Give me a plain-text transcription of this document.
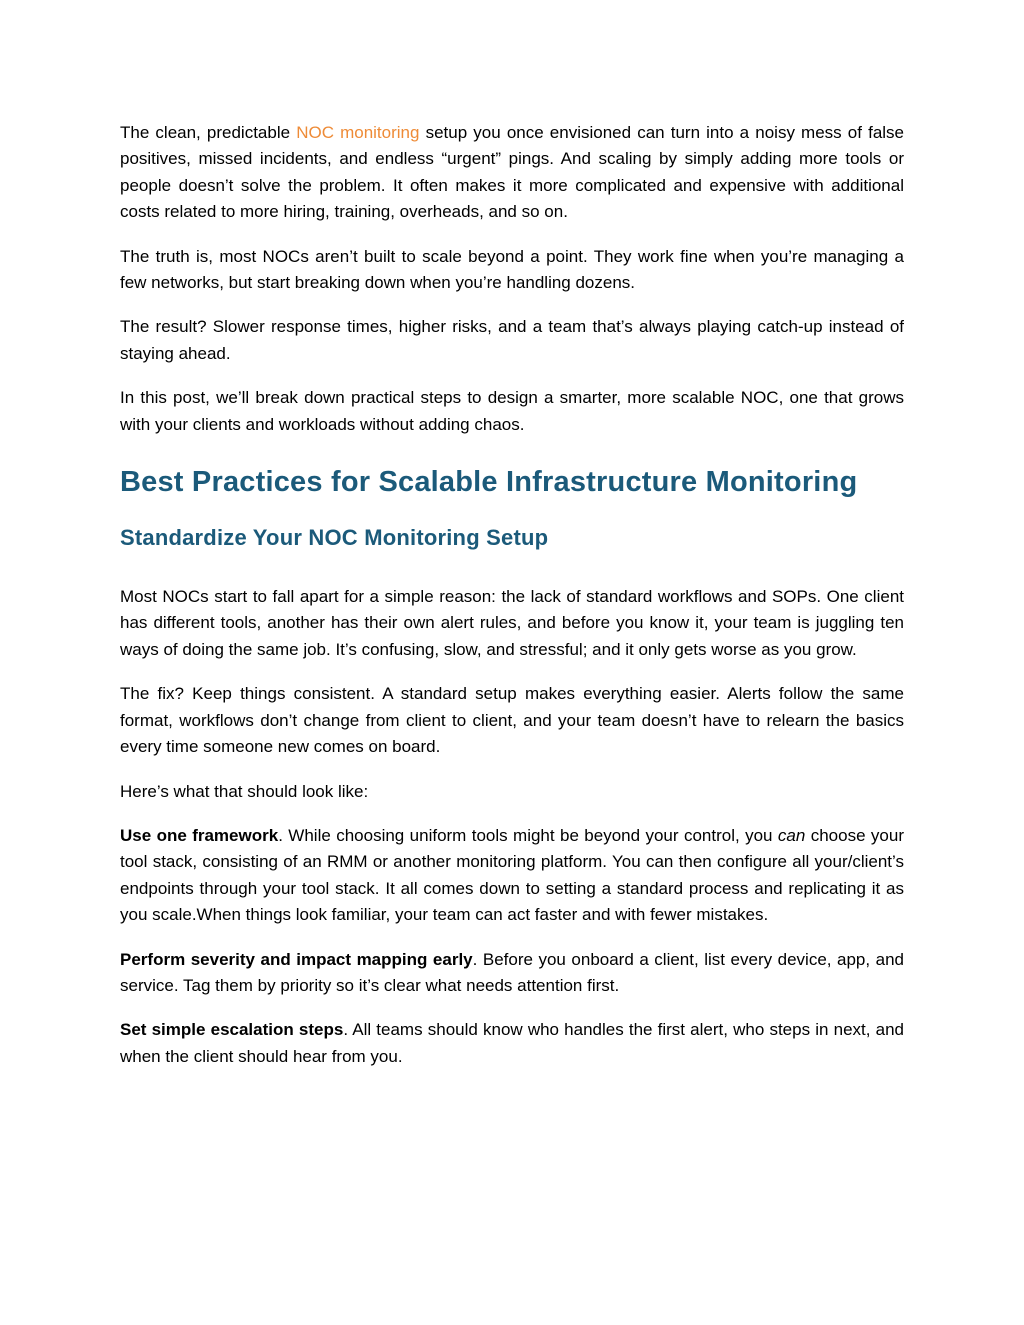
The clean, predictable NOC monitoring setup you once envisioned can turn into a noisy mess of false positives, missed incidents, and endless “urgent” pings. And scaling by simply adding more tools or people doesn’t solve the problem. It often makes it more complicated and expensive with additional costs related to more hiring, training, overheads, and so on.

The truth is, most NOCs aren’t built to scale beyond a point. They work fine when you’re managing a few networks, but start breaking down when you’re handling dozens.

The result? Slower response times, higher risks, and a team that’s always playing catch-up instead of staying ahead.

In this post, we’ll break down practical steps to design a smarter, more scalable NOC, one that grows with your clients and workloads without adding chaos.

Best Practices for Scalable Infrastructure Monitoring
Standardize Your NOC Monitoring Setup

Most NOCs start to fall apart for a simple reason: the lack of standard workflows and SOPs. One client has different tools, another has their own alert rules, and before you know it, your team is juggling ten ways of doing the same job. It’s confusing, slow, and stressful; and it only gets worse as you grow.

The fix? Keep things consistent. A standard setup makes everything easier. Alerts follow the same format, workflows don’t change from client to client, and your team doesn’t have to relearn the basics every time someone new comes on board.

Here’s what that should look like:

Use one framework. While choosing uniform tools might be beyond your control, you can choose your tool stack, consisting of an RMM or another monitoring platform. You can then configure all your/client’s endpoints through your tool stack. It all comes down to setting a standard process and replicating it as you scale.When things look familiar, your team can act faster and with fewer mistakes.

Perform severity and impact mapping early. Before you onboard a client, list every device, app, and service. Tag them by priority so it’s clear what needs attention first.

Set simple escalation steps. All teams should know who handles the first alert, who steps in next, and when the client should hear from you.
